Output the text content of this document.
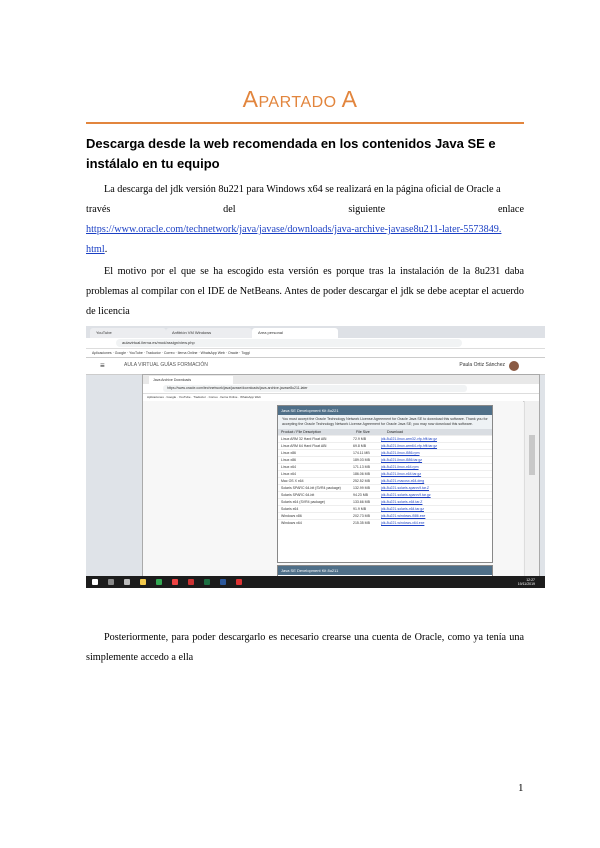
APARTADO A
Descarga desde la web recomendada en los contenidos Java SE e instálalo en tu equipo
La descarga del jdk versión 8u221 para Windows x64 se realizará en la página oficial de Oracle a
través	del	siguiente	enlace
https://www.oracle.com/technetwork/java/javase/downloads/java-archive-javase8u211-later-5573849.
html.
El motivo por el que se ha escogido esta versión es porque tras la instalación de la 8u231 daba problemas al compilar con el IDE de NetBeans. Antes de poder descargar el jdk se debe aceptar el acuerdo de licencia
YouTube	Anfitrión VM Windows	Area personal
aulavirtual.ilerna.es/mod/assign/view.php
Aplicaciones · Google · YouTube · Traductor · Correo · Ilerna Online · WhatsApp Web · Oracle · Toggl
≡	AULA VIRTUAL GUÍAS FORMACIÓN	Paula Ortiz Sánchez
Java Archive Downloads
https://www.oracle.com/technetwork/java/javase/downloads/java-archive-javase8u211-later
Aplicaciones · Google · YouTube · Traductor · Correo · Ilerna Online · WhatsApp Web
Java SE Development Kit 8u221
You must accept the Oracle Technology Network License Agreement for Oracle Java SE to download this software. Thank you for accepting the Oracle Technology Network License Agreement for Oracle Java SE; you may now download this software.
Product / File Description	File Size	Download
Linux ARM 32 Hard Float ABI	72.9 MB	jdk-8u221-linux-arm32-vfp-hflt.tar.gz
Linux ARM 64 Hard Float ABI	69.8 MB	jdk-8u221-linux-arm64-vfp-hflt.tar.gz
Linux x86	174.11 MB	jdk-8u221-linux-i586.rpm
Linux x86	189.03 MB	jdk-8u221-linux-i586.tar.gz
Linux x64	171.13 MB	jdk-8u221-linux-x64.rpm
Linux x64	186.06 MB	jdk-8u221-linux-x64.tar.gz
Mac OS X x64	252.52 MB	jdk-8u221-macosx-x64.dmg
Solaris SPARC 64-bit (SVR4 package)	132.99 MB	jdk-8u221-solaris-sparcv9.tar.Z
Solaris SPARC 64-bit	94.23 MB	jdk-8u221-solaris-sparcv9.tar.gz
Solaris x64 (SVR4 package)	133.66 MB	jdk-8u221-solaris-x64.tar.Z
Solaris x64	91.9 MB	jdk-8u221-solaris-x64.tar.gz
Windows x86	202.73 MB	jdk-8u221-windows-i586.exe
Windows x64	215.35 MB	jdk-8u221-windows-x64.exe
Java SE Development Kit 8u211
12:27
19/11/2019
Posteriormente, para poder descargarlo es necesario crearse una cuenta de Oracle, como ya tenía una simplemente accedo a ella
1
